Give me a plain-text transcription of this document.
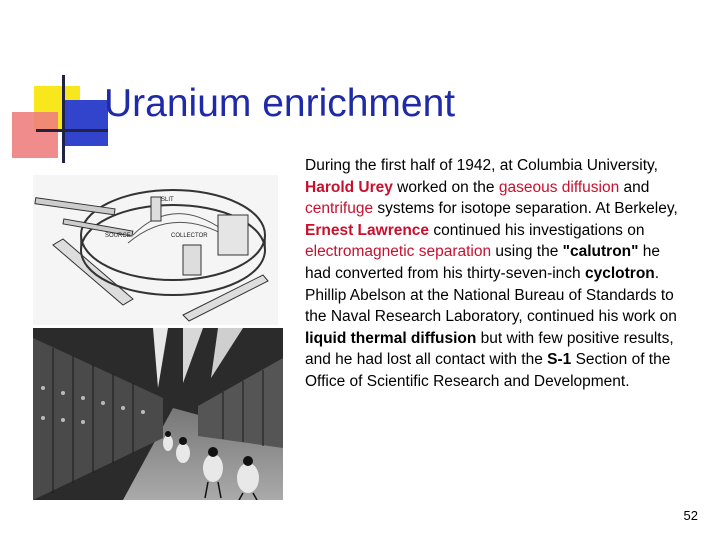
Uranium enrichment
SLIT
SOURCE	COLLECTOR
During the first half of 1942, at Columbia University, Harold Urey worked on the gaseous diffusion and centrifuge systems for isotope separation. At Berkeley, Ernest Lawrence continued his investigations on electromagnetic separation using the "calutron" he had converted from his thirty-seven-inch cyclotron. Phillip Abelson at the National Bureau of Standards to the Naval Research Laboratory, continued his work on liquid thermal diffusion but with few positive results, and he had lost all contact with the S-1 Section of the Office of Scientific Research and Development.
52
